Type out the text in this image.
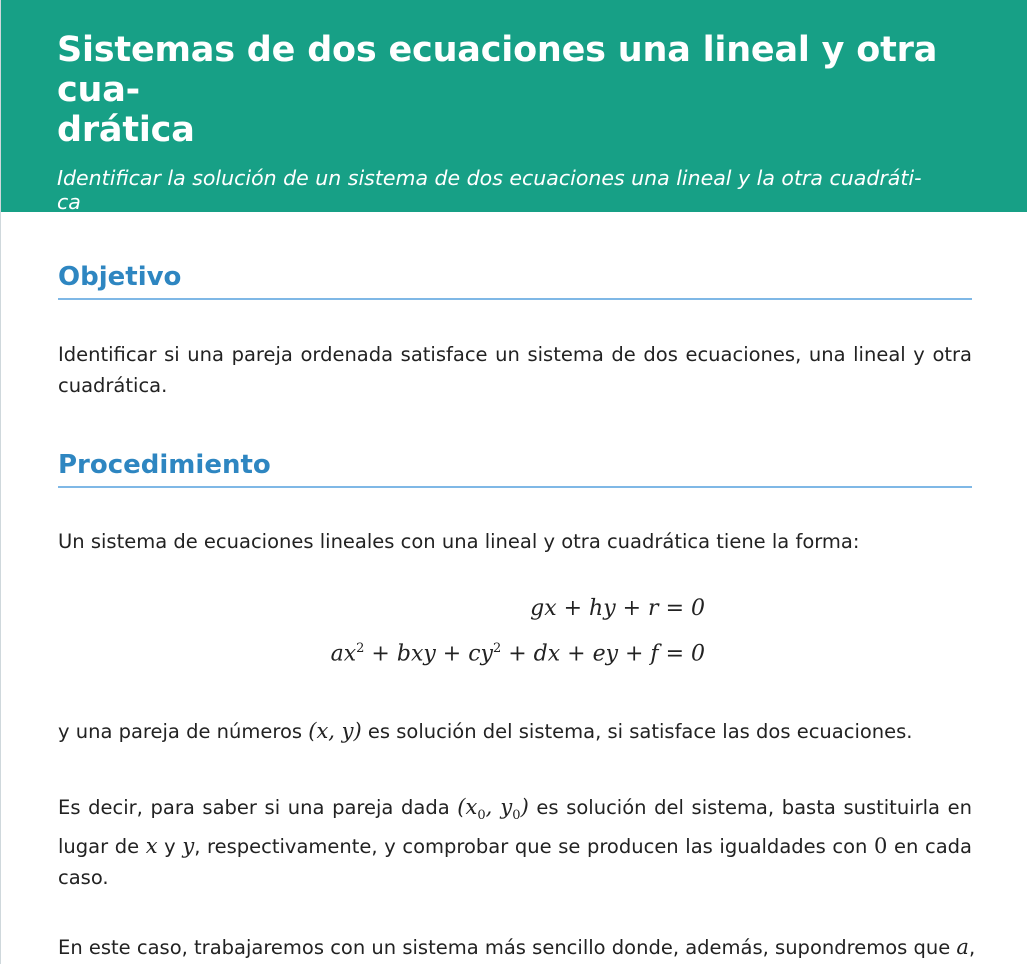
Sistemas de dos ecuaciones una lineal y otra cua-
drática

Identificar la solución de un sistema de dos ecuaciones una lineal y la otra cuadráti-
ca

Objetivo

Identificar si una pareja ordenada satisface un sistema de dos ecuaciones, una lineal y otra cuadrática.

Procedimiento

Un sistema de ecuaciones lineales con una lineal y otra cuadrática tiene la forma:

gx + hy + r = 0
$ax^2$ + bxy + $cy^2$ + dx + ey + f = 0

y una pareja de números (x, y) es solución del sistema, si satisface las dos ecuaciones.

Es decir, para saber si una pareja dada ($x_0$, $y_0$) es solución del sistema, basta sustituirla en lugar de x y y, respectivamente, y comprobar que se producen las igualdades con 0 en cada caso.

En este caso, trabajaremos con un sistema más sencillo donde, además, supondremos que a,
